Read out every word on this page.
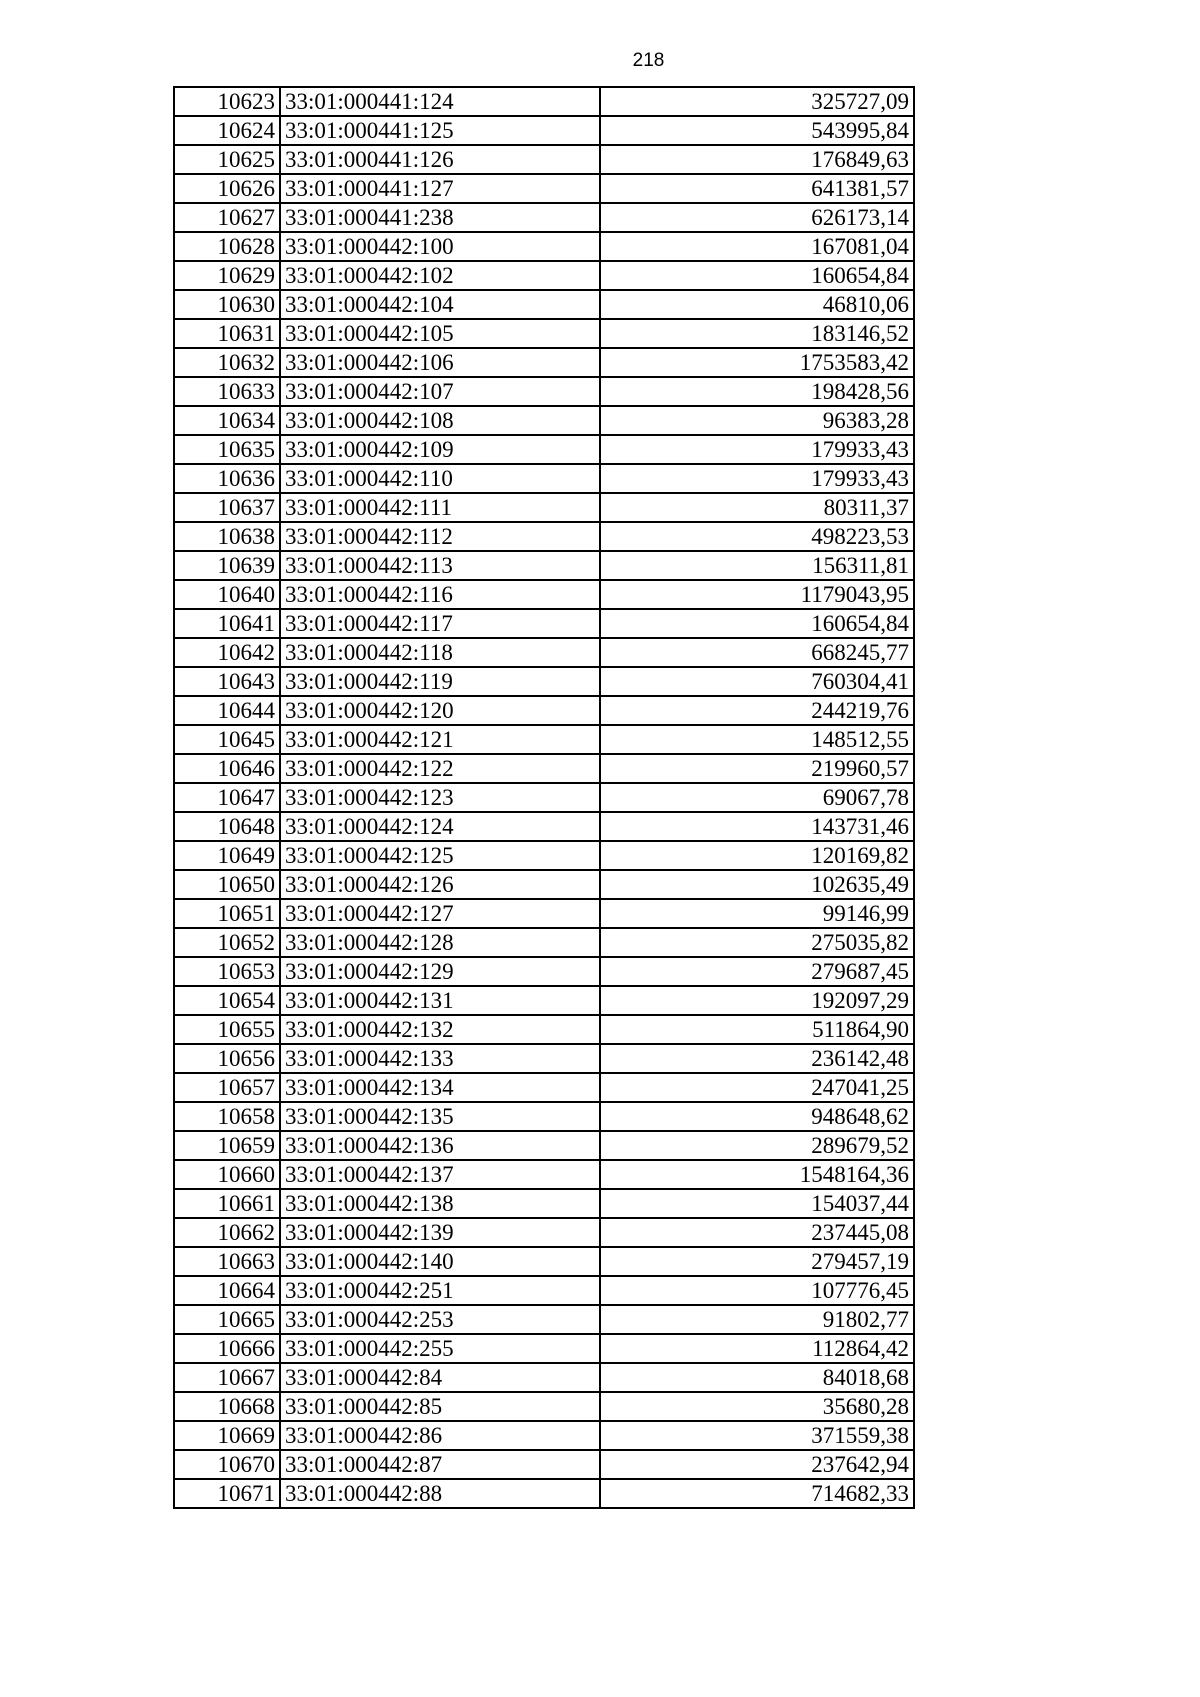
218
10623	33:01:000441:124	325727,09
10624	33:01:000441:125	543995,84
10625	33:01:000441:126	176849,63
10626	33:01:000441:127	641381,57
10627	33:01:000441:238	626173,14
10628	33:01:000442:100	167081,04
10629	33:01:000442:102	160654,84
10630	33:01:000442:104	46810,06
10631	33:01:000442:105	183146,52
10632	33:01:000442:106	1753583,42
10633	33:01:000442:107	198428,56
10634	33:01:000442:108	96383,28
10635	33:01:000442:109	179933,43
10636	33:01:000442:110	179933,43
10637	33:01:000442:111	80311,37
10638	33:01:000442:112	498223,53
10639	33:01:000442:113	156311,81
10640	33:01:000442:116	1179043,95
10641	33:01:000442:117	160654,84
10642	33:01:000442:118	668245,77
10643	33:01:000442:119	760304,41
10644	33:01:000442:120	244219,76
10645	33:01:000442:121	148512,55
10646	33:01:000442:122	219960,57
10647	33:01:000442:123	69067,78
10648	33:01:000442:124	143731,46
10649	33:01:000442:125	120169,82
10650	33:01:000442:126	102635,49
10651	33:01:000442:127	99146,99
10652	33:01:000442:128	275035,82
10653	33:01:000442:129	279687,45
10654	33:01:000442:131	192097,29
10655	33:01:000442:132	511864,90
10656	33:01:000442:133	236142,48
10657	33:01:000442:134	247041,25
10658	33:01:000442:135	948648,62
10659	33:01:000442:136	289679,52
10660	33:01:000442:137	1548164,36
10661	33:01:000442:138	154037,44
10662	33:01:000442:139	237445,08
10663	33:01:000442:140	279457,19
10664	33:01:000442:251	107776,45
10665	33:01:000442:253	91802,77
10666	33:01:000442:255	112864,42
10667	33:01:000442:84	84018,68
10668	33:01:000442:85	35680,28
10669	33:01:000442:86	371559,38
10670	33:01:000442:87	237642,94
10671	33:01:000442:88	714682,33
